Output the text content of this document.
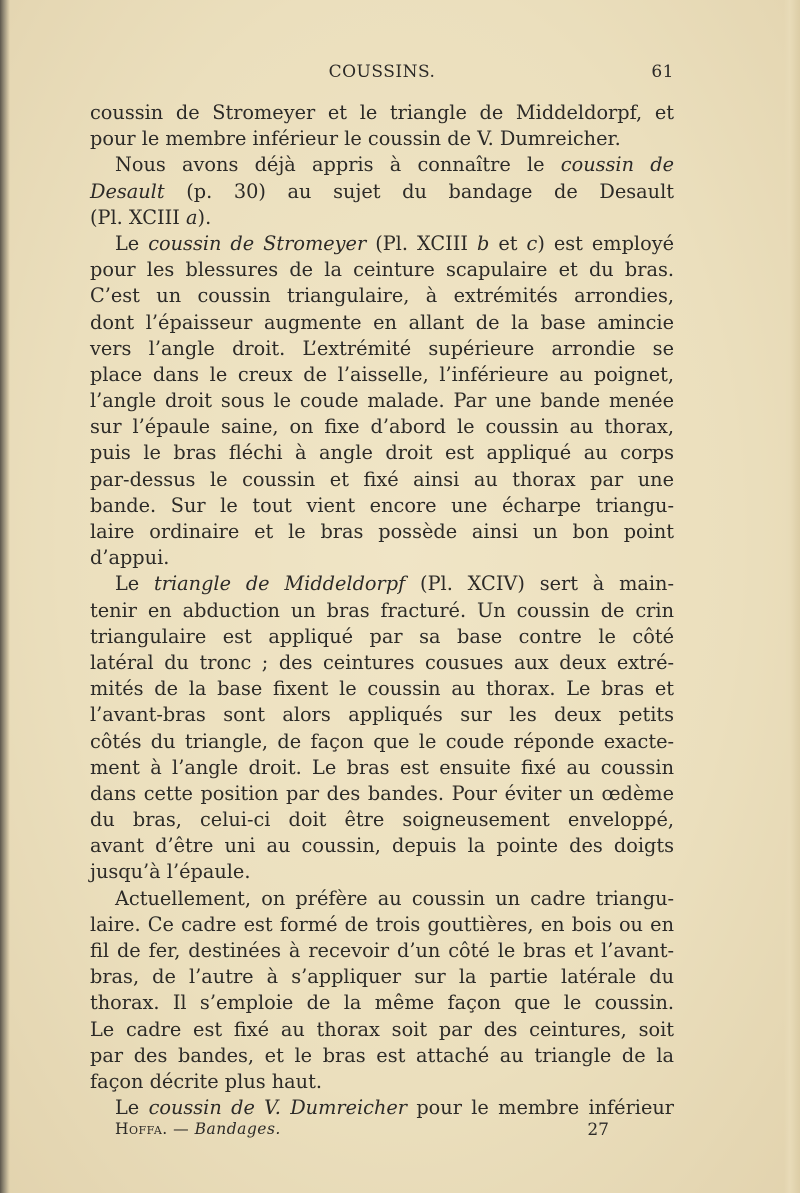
COUSSINS.	61
coussin de Stromeyer et le triangle de Middeldorpf, et
pour le membre inférieur le coussin de V. Dumreicher.
Nous avons déjà appris à connaître le coussin de
Desault (p. 30) au sujet du bandage de Desault
(Pl. XCIII a).
Le coussin de Stromeyer (Pl. XCIII b et c) est employé
pour les blessures de la ceinture scapulaire et du bras.
C’est un coussin triangulaire, à extrémités arrondies,
dont l’épaisseur augmente en allant de la base amincie
vers l’angle droit. L’extrémité supérieure arrondie se
place dans le creux de l’aisselle, l’inférieure au poignet,
l’angle droit sous le coude malade. Par une bande menée
sur l’épaule saine, on fixe d’abord le coussin au thorax,
puis le bras fléchi à angle droit est appliqué au corps
par-dessus le coussin et fixé ainsi au thorax par une
bande. Sur le tout vient encore une écharpe triangu-
laire ordinaire et le bras possède ainsi un bon point
d’appui.
Le triangle de Middeldorpf (Pl. XCIV) sert à main-
tenir en abduction un bras fracturé. Un coussin de crin
triangulaire est appliqué par sa base contre le côté
latéral du tronc ; des ceintures cousues aux deux extré-
mités de la base fixent le coussin au thorax. Le bras et
l’avant-bras sont alors appliqués sur les deux petits
côtés du triangle, de façon que le coude réponde exacte-
ment à l’angle droit. Le bras est ensuite fixé au coussin
dans cette position par des bandes. Pour éviter un œdème
du bras, celui-ci doit être soigneusement enveloppé,
avant d’être uni au coussin, depuis la pointe des doigts
jusqu’à l’épaule.
Actuellement, on préfère au coussin un cadre triangu-
laire. Ce cadre est formé de trois gouttières, en bois ou en
fil de fer, destinées à recevoir d’un côté le bras et l’avant-
bras, de l’autre à s’appliquer sur la partie latérale du
thorax. Il s’emploie de la même façon que le coussin.
Le cadre est fixé au thorax soit par des ceintures, soit
par des bandes, et le bras est attaché au triangle de la
façon décrite plus haut.
Le coussin de V. Dumreicher pour le membre inférieur
Hoffa. — Bandages.	27
